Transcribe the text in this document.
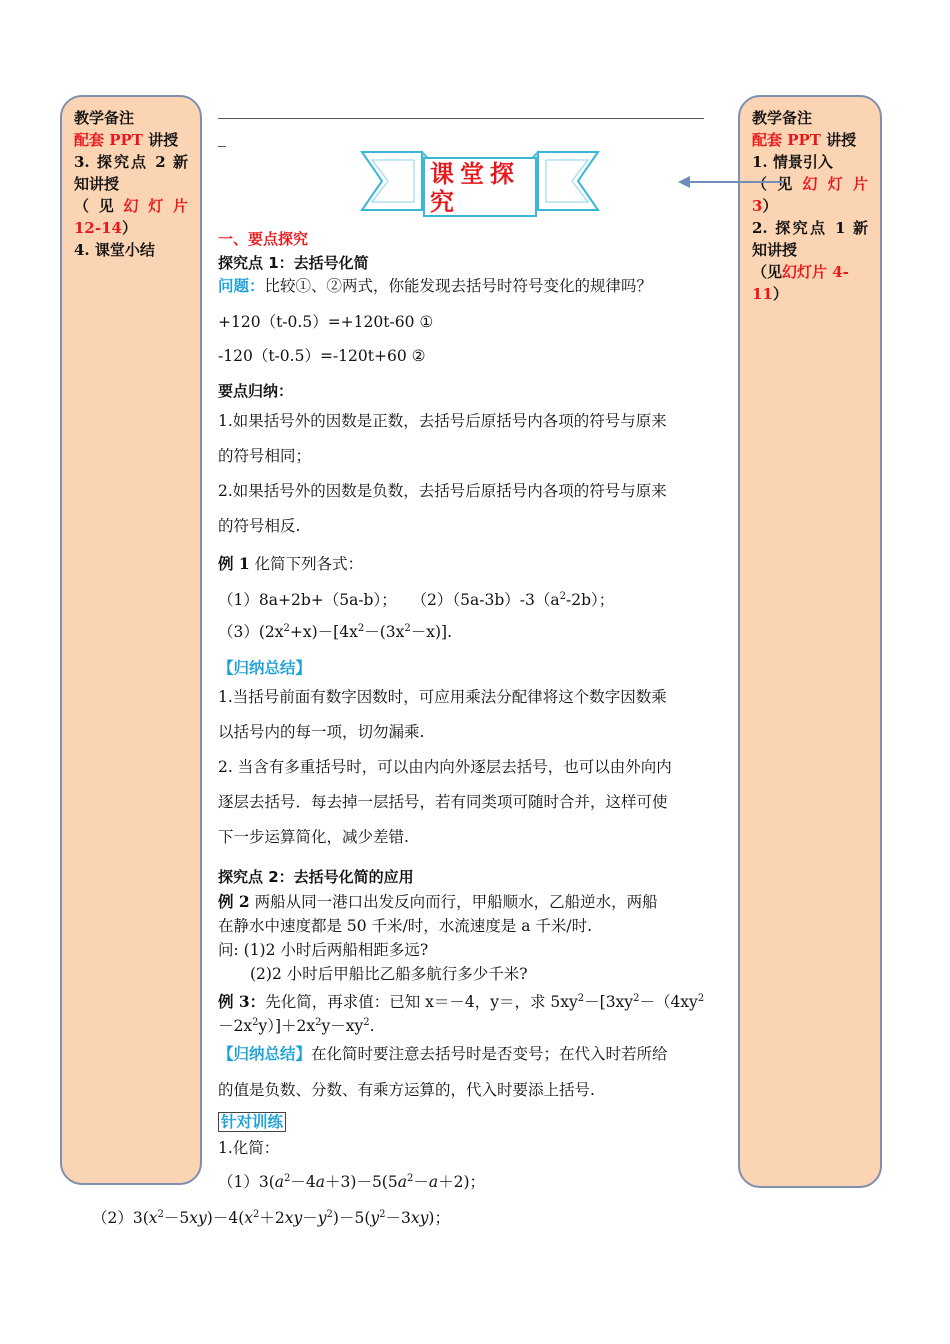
教学备注

配套 PPT 讲授

3. 探究点 2 新

知讲授

（ 见 幻 灯 片

12-14）

4. 课堂小结

教学备注

配套 PPT 讲授

1. 情景引入

（ 见 幻 灯 片

3）

2. 探究点 1 新

知讲授

（见幻灯片 4-

11）

课堂探究

一、要点探究

探究点 1：去括号化简

问题：比较①、②两式，你能发现去括号时符号变化的规律吗？

+120（t-0.5）=+120t-60 ①

-120（t-0.5）=-120t+60 ②

要点归纳：

1.如果括号外的因数是正数，去括号后原括号内各项的符号与原来
的符号相同；
2.如果括号外的因数是负数，去括号后原括号内各项的符号与原来
的符号相反.

例 1 化简下列各式：

（1）8a+2b+（5a-b）； $(2)(5a-3b)-3(a^2-2b)$；

$(3)(2x^2+x)-[4x^2-(3x^2-x)]$.

【归纳总结】

1.当括号前面有数字因数时，可应用乘法分配律将这个数字因数乘
以括号内的每一项，切勿漏乘.
2. 当含有多重括号时，可以由内向外逐层去括号，也可以由外向内
逐层去括号．每去掉一层括号，若有同类项可随时合并，这样可使
下一步运算简化，减少差错.

探究点 2：去括号化简的应用

例 2 两船从同一港口出发反向而行，甲船顺水，乙船逆水，两船
在静水中速度都是 50 千米/时，水流速度是 a 千米/时.
问: (1)2 小时后两船相距多远?
(2)2 小时后甲船比乙船多航行多少千米?
例 3：先化简，再求值：已知 x＝－4，y＝，求 $5xy^2-[3xy^2-(4xy^2$
$-2x^2y)]+2x^2y-xy^2$.
【归纳总结】在化简时要注意去括号时是否变号；在代入时若所给
的值是负数、分数、有乘方运算的，代入时要添上括号.

针对训练

1.化简：

$(1)3(a^2-4a+3)-5(5a^2-a+2)$；

$(2)3(x^2-5xy)-4(x^2+2xy-y^2)-5(y^2-3xy)$；
